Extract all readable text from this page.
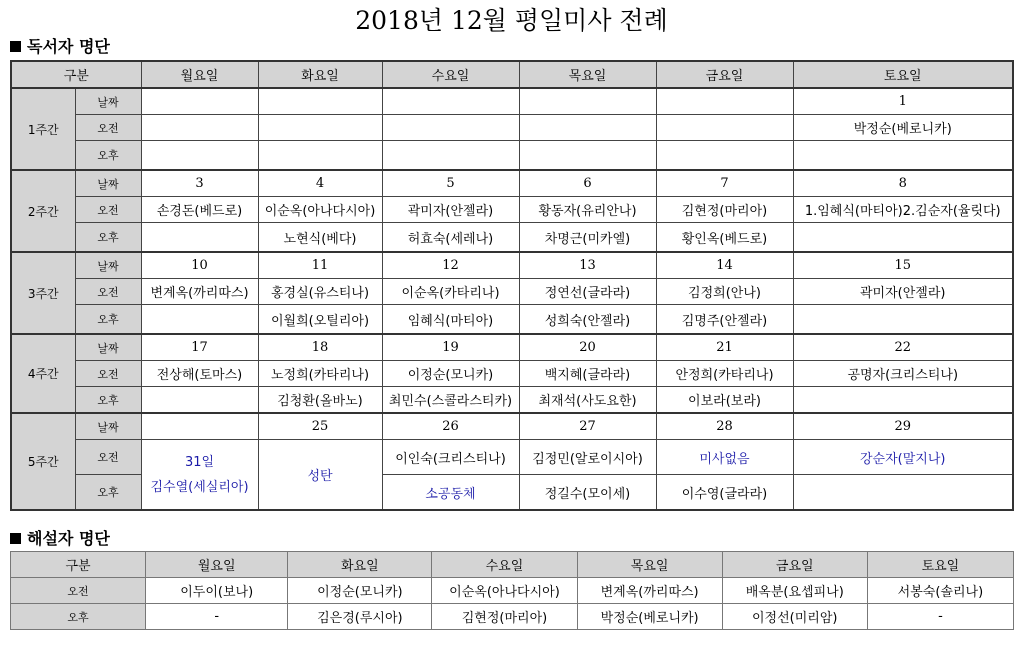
2018년 12월 평일미사 전례
독서자 명단
구분		월요일	화요일	수요일	목요일	금요일	토요일
1주간	날짜						1
	오전						박정순(베로니카)
	오후						
2주간	날짜	3	4	5	6	7	8
	오전	손경돈(베드로)	이순옥(아나다시아)	곽미자(안젤라)	황동자(유리안나)	김현정(마리아)	1.임혜식(마티아)2.김순자(율릿다)
	오후		노현식(베다)	허효숙(세레나)	차명근(미카엘)	황인옥(베드로)	
3주간	날짜	10	11	12	13	14	15
	오전	변계옥(까리따스)	홍경실(유스티나)	이순옥(카타리나)	정연선(글라라)	김정희(안나)	곽미자(안젤라)
	오후		이월희(오틸리아)	임혜식(마티아)	성희숙(안젤라)	김명주(안젤라)	
4주간	날짜	17	18	19	20	21	22
	오전	전상해(토마스)	노정희(카타리나)	이정순(모니카)	백지혜(글라라)	안정희(카타리나)	공명자(크리스티나)
	오후		김청환(올바노)	최민수(스콜라스티카)	최재석(사도요한)	이보라(보라)	
5주간	날짜		25	26	27	28	29
	오전	31일
김수열(세실리아)	성탄	이인숙(크리스티나)	김정민(알로이시아)	미사없음	강순자(말지나)
	오후			소공동체	정길수(모이세)	이수영(글라라)	
해설자 명단
구분	월요일	화요일	수요일	목요일	금요일	토요일
오전	이두이(보나)	이정순(모니카)	이순옥(아나다시아)	변계옥(까리따스)	배옥분(요셉피나)	서봉숙(솔리나)
오후	-	김은경(루시아)	김현정(마리아)	박정순(베로니카)	이정선(미리암)	-
